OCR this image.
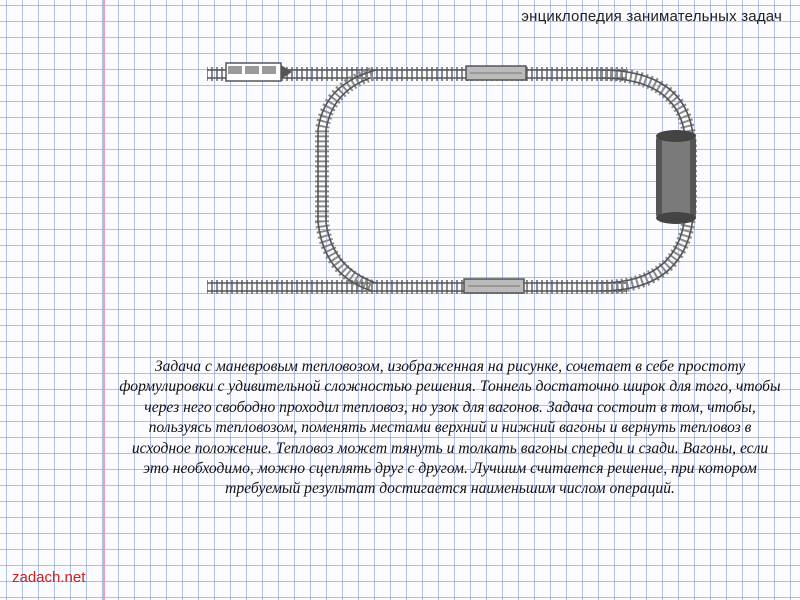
энциклопедия занимательных задач

Задача с маневровым тепловозом, изображенная на рисунке, сочетает в себе простоту формулировки с удивительной сложностью решения. Тоннель достаточно широк для того, чтобы через него свободно проходил тепловоз, но узок для вагонов. Задача состоит в том, чтобы, пользуясь тепловозом, поменять местами верхний и нижний вагоны и вернуть тепловоз в исходное положение. Тепловоз может тянуть и толкать вагоны спереди и сзади. Вагоны, если это необходимо, можно сцеплять друг с другом. Лучшим считается решение, при котором требуемый результат достигается наименьшим числом операций.

zadach.net
